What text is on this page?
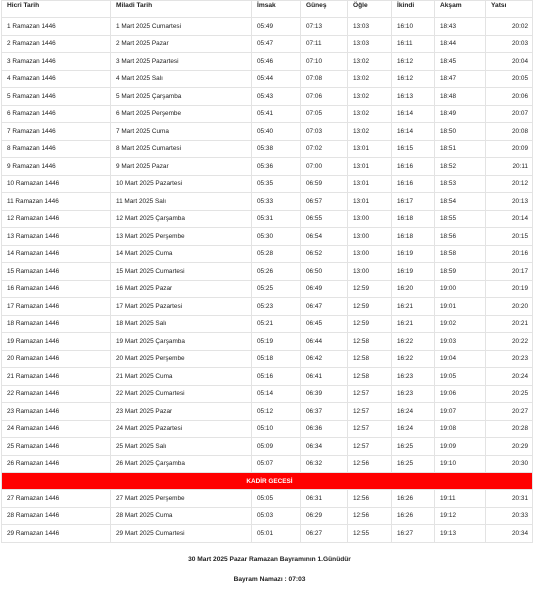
Hicri Tarih	Miladi Tarih	İmsak	Güneş	Öğle	İkindi	Akşam	Yatsı
1 Ramazan 1446	1 Mart 2025 Cumartesi	05:49	07:13	13:03	16:10	18:43	20:02
2 Ramazan 1446	2 Mart 2025 Pazar	05:47	07:11	13:03	16:11	18:44	20:03
3 Ramazan 1446	3 Mart 2025 Pazartesi	05:46	07:10	13:02	16:12	18:45	20:04
4 Ramazan 1446	4 Mart 2025 Salı	05:44	07:08	13:02	16:12	18:47	20:05
5 Ramazan 1446	5 Mart 2025 Çarşamba	05:43	07:06	13:02	16:13	18:48	20:06
6 Ramazan 1446	6 Mart 2025 Perşembe	05:41	07:05	13:02	16:14	18:49	20:07
7 Ramazan 1446	7 Mart 2025 Cuma	05:40	07:03	13:02	16:14	18:50	20:08
8 Ramazan 1446	8 Mart 2025 Cumartesi	05:38	07:02	13:01	16:15	18:51	20:09
9 Ramazan 1446	9 Mart 2025 Pazar	05:36	07:00	13:01	16:16	18:52	20:11
10 Ramazan 1446	10 Mart 2025 Pazartesi	05:35	06:59	13:01	16:16	18:53	20:12
11 Ramazan 1446	11 Mart 2025 Salı	05:33	06:57	13:01	16:17	18:54	20:13
12 Ramazan 1446	12 Mart 2025 Çarşamba	05:31	06:55	13:00	16:18	18:55	20:14
13 Ramazan 1446	13 Mart 2025 Perşembe	05:30	06:54	13:00	16:18	18:56	20:15
14 Ramazan 1446	14 Mart 2025 Cuma	05:28	06:52	13:00	16:19	18:58	20:16
15 Ramazan 1446	15 Mart 2025 Cumartesi	05:26	06:50	13:00	16:19	18:59	20:17
16 Ramazan 1446	16 Mart 2025 Pazar	05:25	06:49	12:59	16:20	19:00	20:19
17 Ramazan 1446	17 Mart 2025 Pazartesi	05:23	06:47	12:59	16:21	19:01	20:20
18 Ramazan 1446	18 Mart 2025 Salı	05:21	06:45	12:59	16:21	19:02	20:21
19 Ramazan 1446	19 Mart 2025 Çarşamba	05:19	06:44	12:58	16:22	19:03	20:22
20 Ramazan 1446	20 Mart 2025 Perşembe	05:18	06:42	12:58	16:22	19:04	20:23
21 Ramazan 1446	21 Mart 2025 Cuma	05:16	06:41	12:58	16:23	19:05	20:24
22 Ramazan 1446	22 Mart 2025 Cumartesi	05:14	06:39	12:57	16:23	19:06	20:25
23 Ramazan 1446	23 Mart 2025 Pazar	05:12	06:37	12:57	16:24	19:07	20:27
24 Ramazan 1446	24 Mart 2025 Pazartesi	05:10	06:36	12:57	16:24	19:08	20:28
25 Ramazan 1446	25 Mart 2025 Salı	05:09	06:34	12:57	16:25	19:09	20:29
26 Ramazan 1446	26 Mart 2025 Çarşamba	05:07	06:32	12:56	16:25	19:10	20:30
KADİR GECESİ							
27 Ramazan 1446	27 Mart 2025 Perşembe	05:05	06:31	12:56	16:26	19:11	20:31
28 Ramazan 1446	28 Mart 2025 Cuma	05:03	06:29	12:56	16:26	19:12	20:33
29 Ramazan 1446	29 Mart 2025 Cumartesi	05:01	06:27	12:55	16:27	19:13	20:34

30 Mart 2025 Pazar Ramazan Bayramının 1.Günüdür							

Bayram Namazı : 07:03							
